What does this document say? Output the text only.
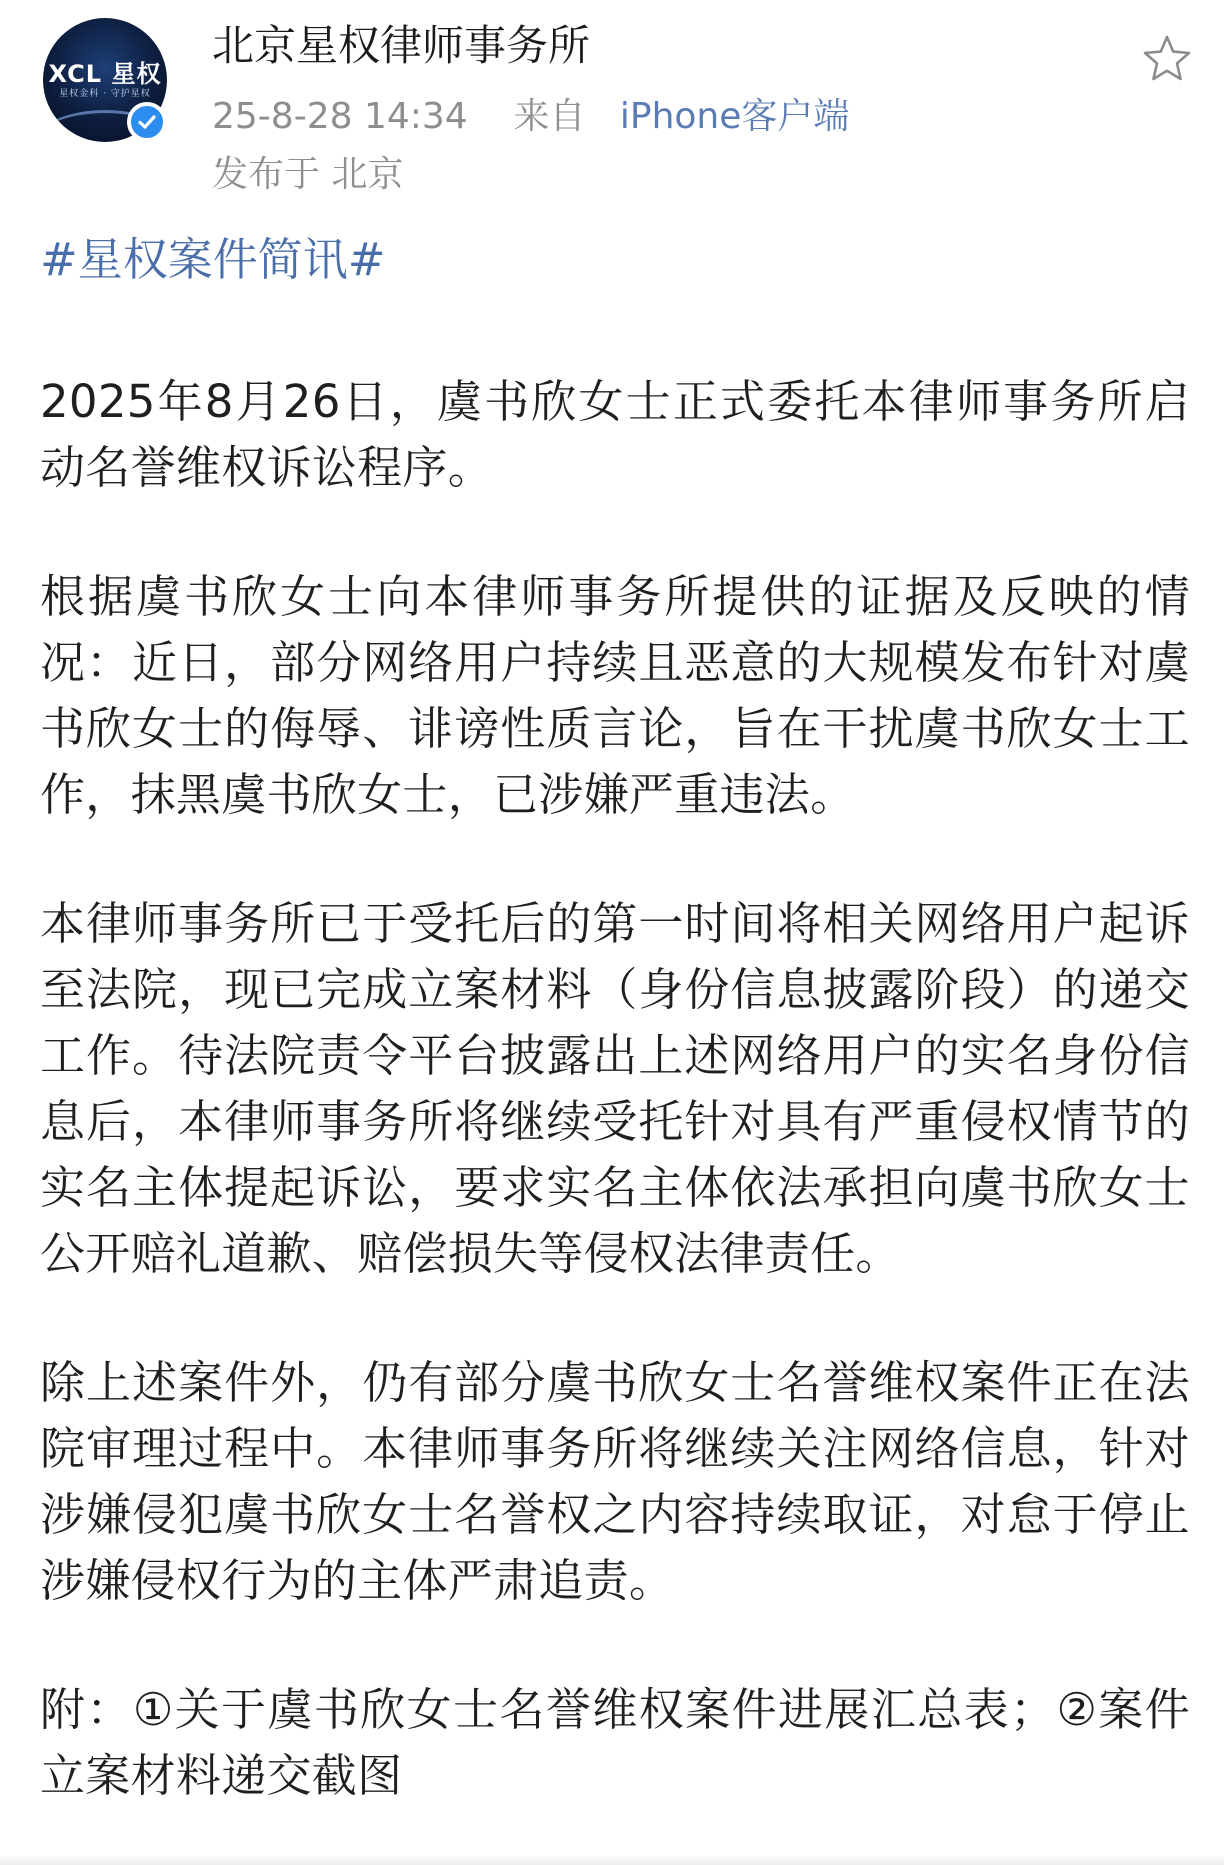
XCL 星权
星权金科 · 守护星权
北京星权律师事务所
25-8-28 14:34 来自 iPhone客户端
发布于 北京

#星权案件简讯#

2025年8月26日，虞书欣女士正式委托本律师事务所启动名誉维权诉讼程序。

根据虞书欣女士向本律师事务所提供的证据及反映的情况：近日，部分网络用户持续且恶意的大规模发布针对虞书欣女士的侮辱、诽谤性质言论，旨在干扰虞书欣女士工作，抹黑虞书欣女士，已涉嫌严重违法。

本律师事务所已于受托后的第一时间将相关网络用户起诉至法院，现已完成立案材料（身份信息披露阶段）的递交工作。待法院责令平台披露出上述网络用户的实名身份信息后，本律师事务所将继续受托针对具有严重侵权情节的实名主体提起诉讼，要求实名主体依法承担向虞书欣女士公开赔礼道歉、赔偿损失等侵权法律责任。

除上述案件外，仍有部分虞书欣女士名誉维权案件正在法院审理过程中。本律师事务所将继续关注网络信息，针对涉嫌侵犯虞书欣女士名誉权之内容持续取证，对怠于停止涉嫌侵权行为的主体严肃追责。

附：①关于虞书欣女士名誉维权案件进展汇总表；②案件立案材料递交截图
